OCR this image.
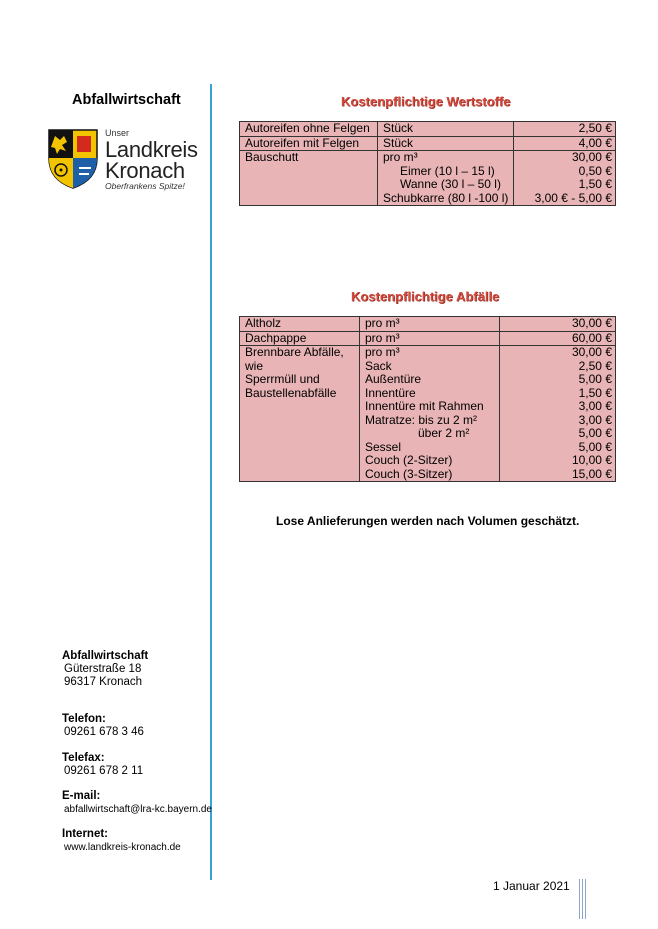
Abfallwirtschaft
Unser
Landkreis
Kronach
Oberfrankens Spitze!
Abfallwirtschaft
Güterstraße 18
96317 Kronach
Telefon:
09261 678 3 46
Telefax:
09261 678 2 11
E-mail:
abfallwirtschaft@lra-kc.bayern.de
Internet:
www.landkreis-kronach.de
Kostenpflichtige Wertstoffe
Autoreifen ohne Felgen	Stück	2,50 €
Autoreifen mit Felgen	Stück	4,00 €
Bauschutt	pro m³	30,00 €
	Eimer (10 l – 15 l)	0,50 €
	Wanne (30 l – 50 l)	1,50 €
	Schubkarre (80 l -100 l)	3,00 € - 5,00 €
Kostenpflichtige Abfälle
Altholz	pro m³	30,00 €
Dachpappe	pro m³	60,00 €
Brennbare Abfälle,	pro m³	30,00 €
wie	Sack	2,50 €
Sperrmüll und	Außentüre	5,00 €
Baustellenabfälle	Innentüre	1,50 €
	Innentüre mit Rahmen	3,00 €
	Matratze: bis zu 2 m²	3,00 €
	über 2 m²	5,00 €
	Sessel	5,00 €
	Couch (2-Sitzer)	10,00 €
	Couch (3-Sitzer)	15,00 €
Lose Anlieferungen werden nach Volumen geschätzt.
1 Januar 2021
